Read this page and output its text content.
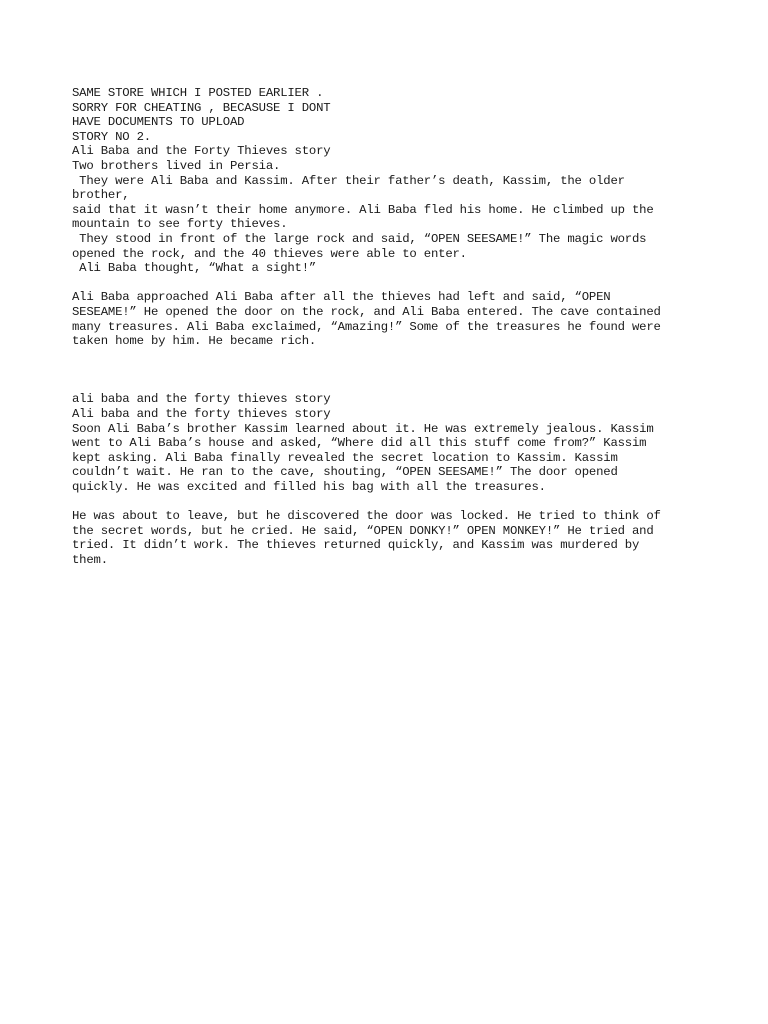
SAME STORE WHICH I POSTED EARLIER .
SORRY FOR CHEATING , BECASUSE I DONT
HAVE DOCUMENTS TO UPLOAD
STORY NO 2.
Ali Baba and the Forty Thieves story
Two brothers lived in Persia.
They were Ali Baba and Kassim. After their father’s death, Kassim, the older
brother,
said that it wasn’t their home anymore. Ali Baba fled his home. He climbed up the
mountain to see forty thieves.
They stood in front of the large rock and said, “OPEN SEESAME!” The magic words
opened the rock, and the 40 thieves were able to enter.
Ali Baba thought, “What a sight!”
Ali Baba approached Ali Baba after all the thieves had left and said, “OPEN
SESEAME!” He opened the door on the rock, and Ali Baba entered. The cave contained
many treasures. Ali Baba exclaimed, “Amazing!” Some of the treasures he found were
taken home by him. He became rich.
ali baba and the forty thieves story
Ali baba and the forty thieves story
Soon Ali Baba’s brother Kassim learned about it. He was extremely jealous. Kassim
went to Ali Baba’s house and asked, “Where did all this stuff come from?” Kassim
kept asking. Ali Baba finally revealed the secret location to Kassim. Kassim
couldn’t wait. He ran to the cave, shouting, “OPEN SEESAME!” The door opened
quickly. He was excited and filled his bag with all the treasures.
He was about to leave, but he discovered the door was locked. He tried to think of
the secret words, but he cried. He said, “OPEN DONKY!” OPEN MONKEY!” He tried and
tried. It didn’t work. The thieves returned quickly, and Kassim was murdered by
them.
